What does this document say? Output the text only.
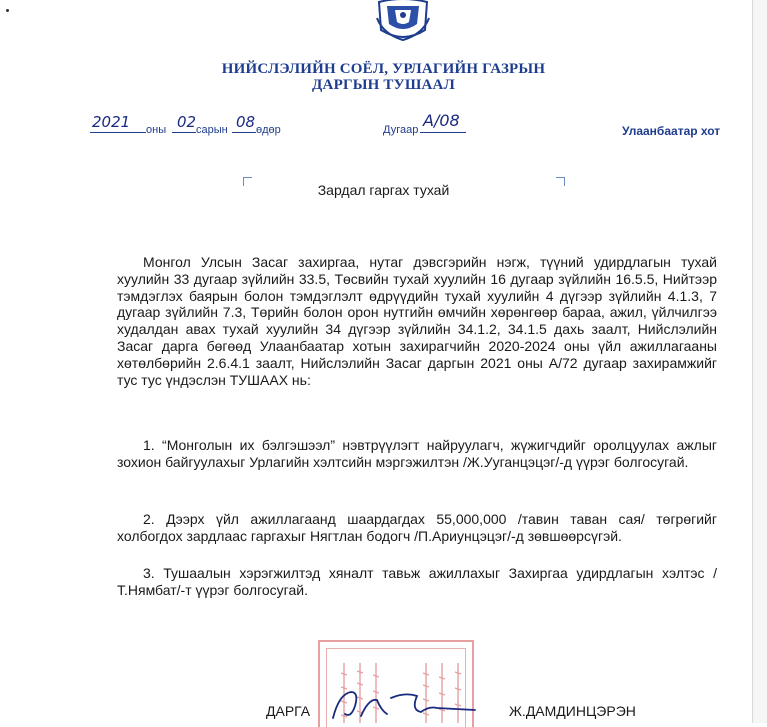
НИЙСЛЭЛИЙН СОЁЛ, УРЛАГИЙН ГАЗРЫН
ДАРГЫН ТУШААЛ
2021 оны 02 сарын 08 өдөр	Дугаар А/08
Улаанбаатар хот
Зардал гаргах тухай
Монгол Улсын Засаг захиргаа, нутаг дэвсгэрийн нэгж, түүний удирдлагын тухай хуулийн 33 дугаар зүйлийн 33.5, Төсвийн тухай хуулийн 16 дугаар зүйлийн 16.5.5, Нийтээр тэмдэглэх баярын болон тэмдэглэлт өдрүүдийн тухай хуулийн 4 дүгээр зүйлийн 4.1.3, 7 дугаар зүйлийн 7.3, Төрийн болон орон нутгийн өмчийн хөрөнгөөр бараа, ажил, үйлчилгээ худалдан авах тухай хуулийн 34 дүгээр зүйлийн 34.1.2, 34.1.5 дахь заалт, Нийслэлийн Засаг дарга бөгөөд Улаанбаатар хотын захирагчийн 2020-2024 оны үйл ажиллагааны хөтөлбөрийн 2.6.4.1 заалт, Нийслэлийн Засаг даргын 2021 оны А/72 дугаар захирамжийг тус тус үндэслэн ТУШААХ нь:
1. “Монголын их бэлгэшээл” нэвтрүүлэгт найруулагч, жүжигчдийг оролцуулах ажлыг зохион байгуулахыг Урлагийн хэлтсийн мэргэжилтэн /Ж.Ууганцэцэг/-д үүрэг болгосугай.
2. Дээрх үйл ажиллагаанд шаардагдах 55,000,000 /тавин таван сая/ төгрөгийг холбогдох зардлаас гаргахыг Нягтлан бодогч /П.Ариунцэцэг/-д зөвшөөрсүгэй.
3. Тушаалын хэрэгжилтэд хяналт тавьж ажиллахыг Захиргаа удирдлагын хэлтэс /Т.Нямбат/-т үүрэг болгосугай.
ДАРГА	Ж.ДАМДИНЦЭРЭН
